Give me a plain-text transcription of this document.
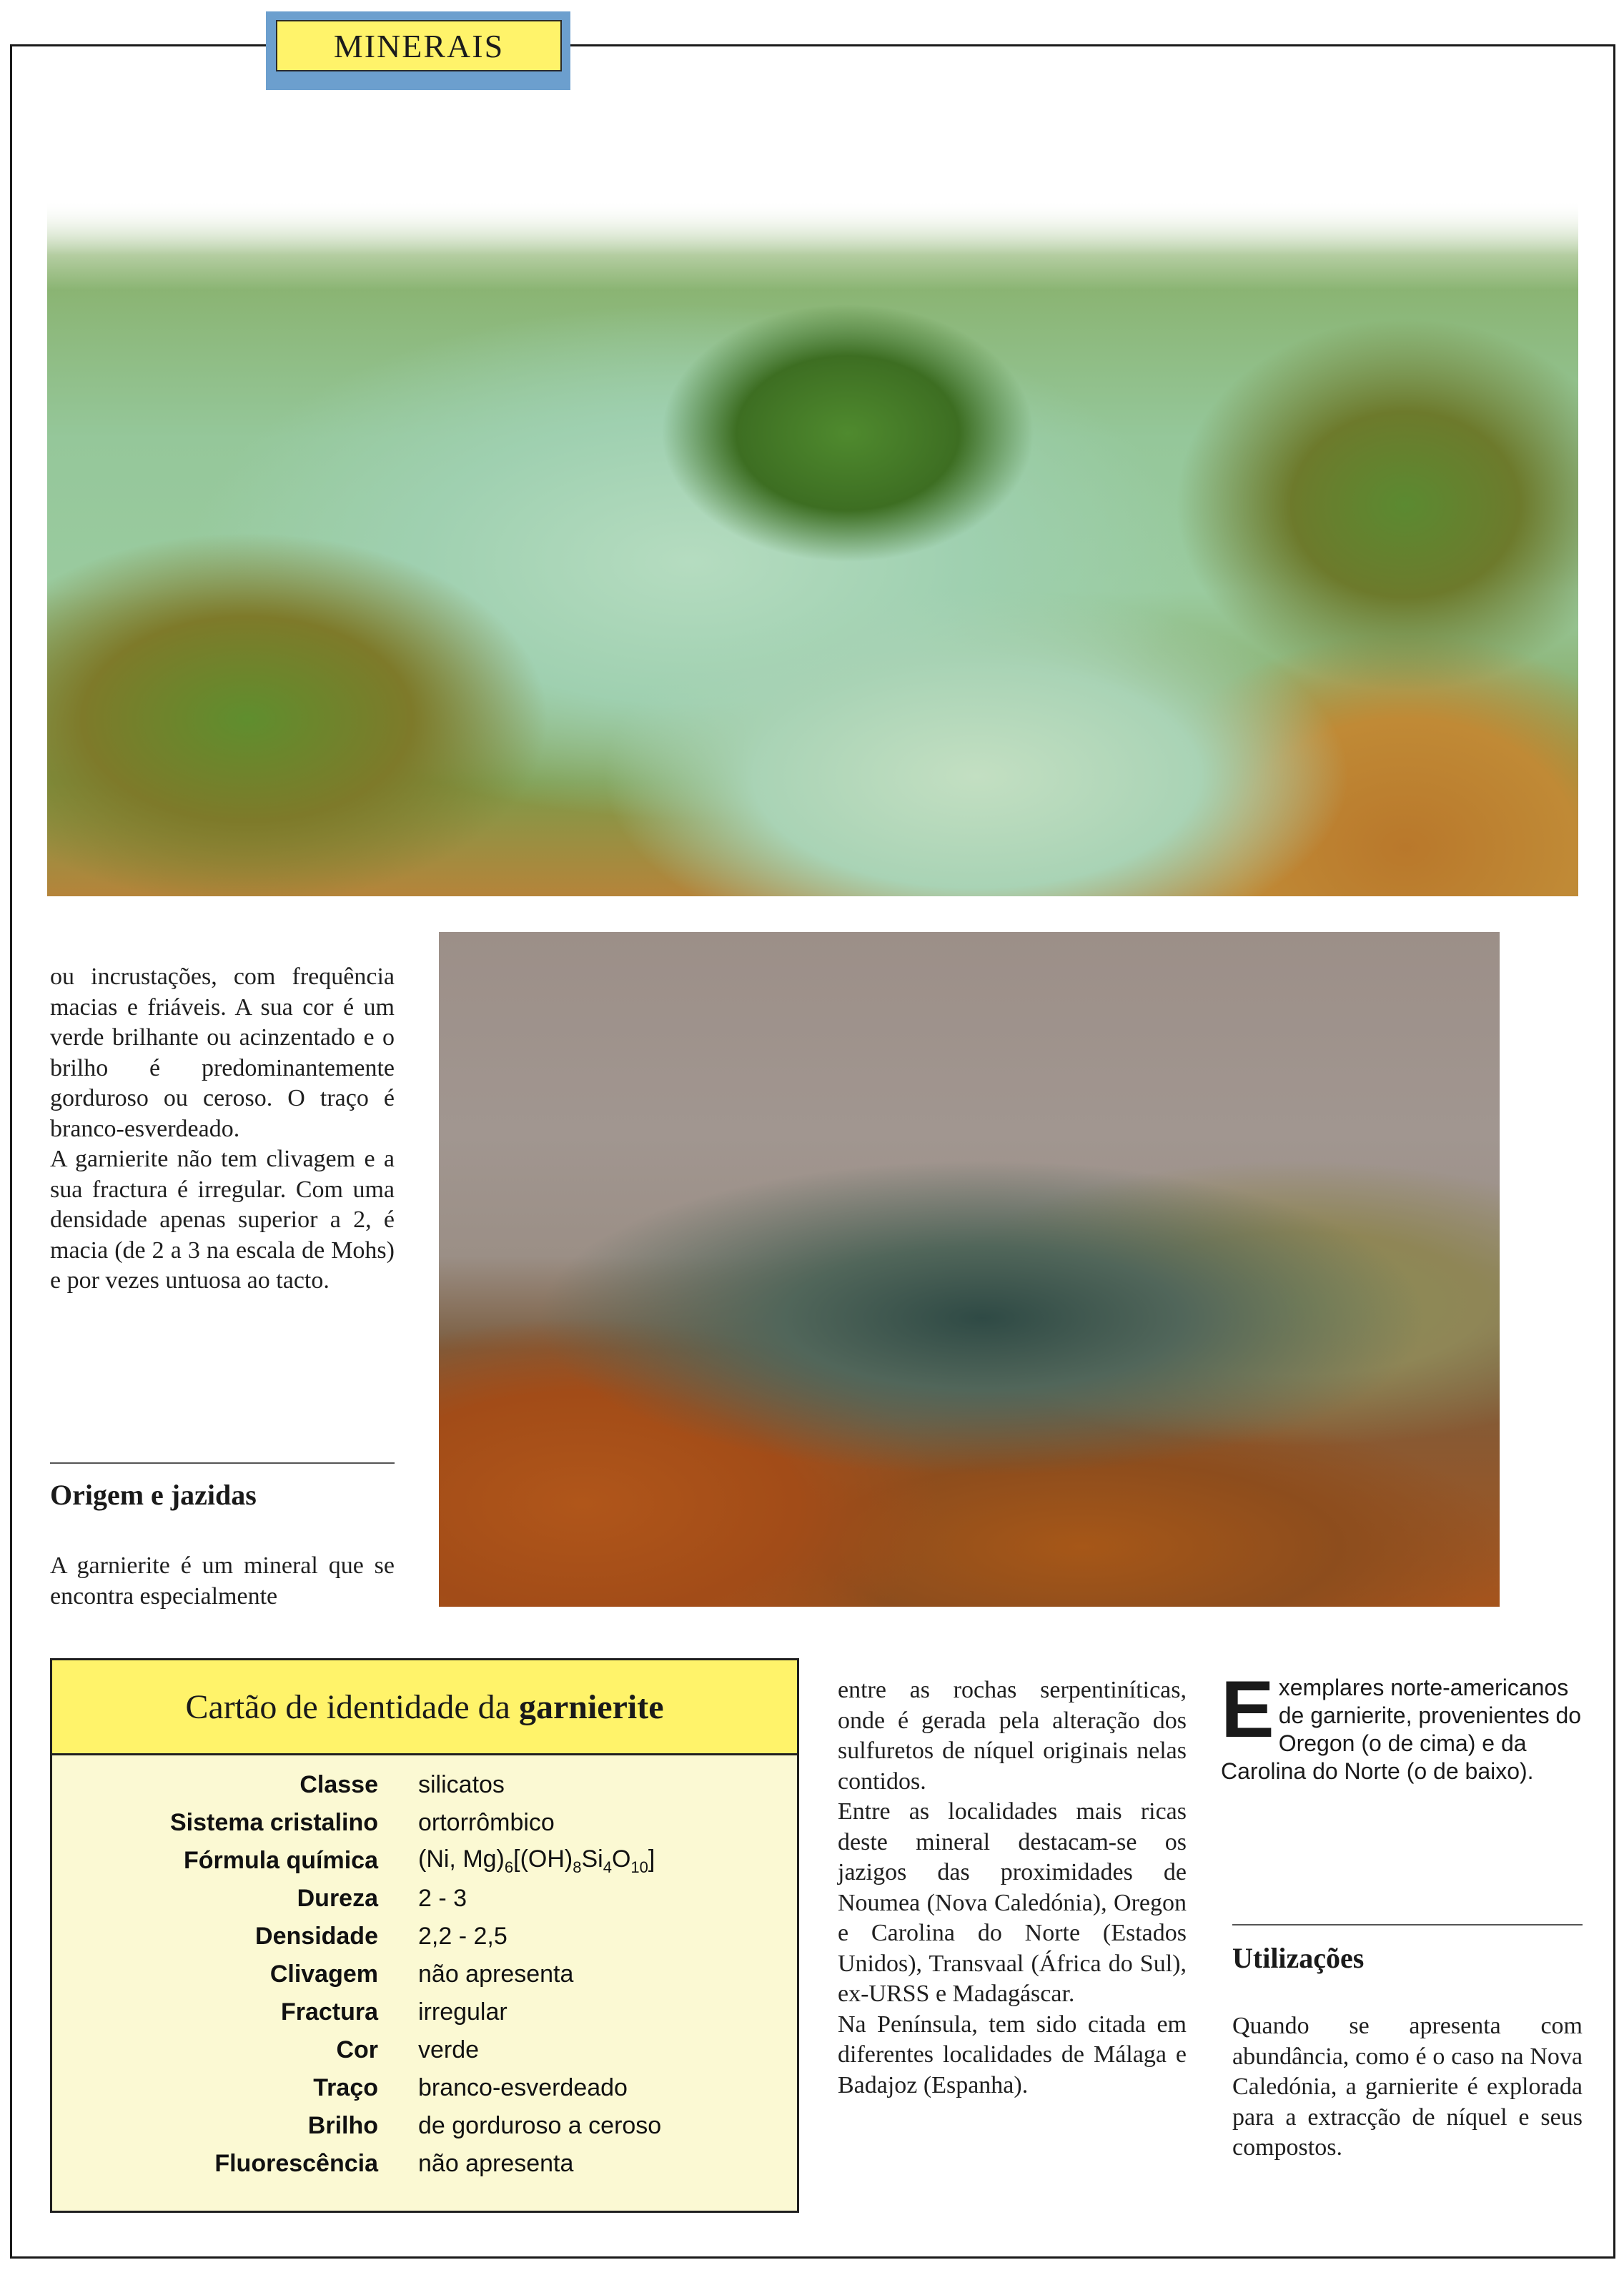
MINERAIS

ou incrustações, com frequência macias e friáveis. A sua cor é um verde brilhante ou acinzentado e o brilho é predominantemente gorduroso ou ceroso. O traço é branco-esverdeado.

A garnierite não tem clivagem e a sua fractura é irregular. Com uma densidade apenas superior a 2, é macia (de 2 a 3 na escala de Mohs) e por vezes untuosa ao tacto.

Origem e jazidas

A garnierite é um mineral que se encontra especialmente

Cartão de identidade da garnierite
Classe silicatos
Sistema cristalino ortorrômbico
Fórmula química (Ni, $Mg)_6[(OH)_8Si_4O_{10}]$
Dureza 2 - 3
Densidade 2,2 - 2,5
Clivagem não apresenta
Fractura irregular
Cor verde
Traço branco-esverdeado
Brilho de gorduroso a ceroso
Fluorescência não apresenta

entre as rochas serpentiníticas, onde é gerada pela alteração dos sulfuretos de níquel originais nelas contidos.

Entre as localidades mais ricas deste mineral destacam-se os jazigos das proximidades de Noumea (Nova Caledónia), Oregon e Carolina do Norte (Estados Unidos), Transvaal (África do Sul), ex-URSS e Madagáscar.

Na Península, tem sido citada em diferentes localidades de Málaga e Badajoz (Espanha).

Exemplares norte-americanos de garnierite, provenientes do Oregon (o de cima) e da Carolina do Norte (o de baixo).
Utilizações

Quando se apresenta com abundância, como é o caso na Nova Caledónia, a garnierite é explorada para a extracção de níquel e seus compostos.
